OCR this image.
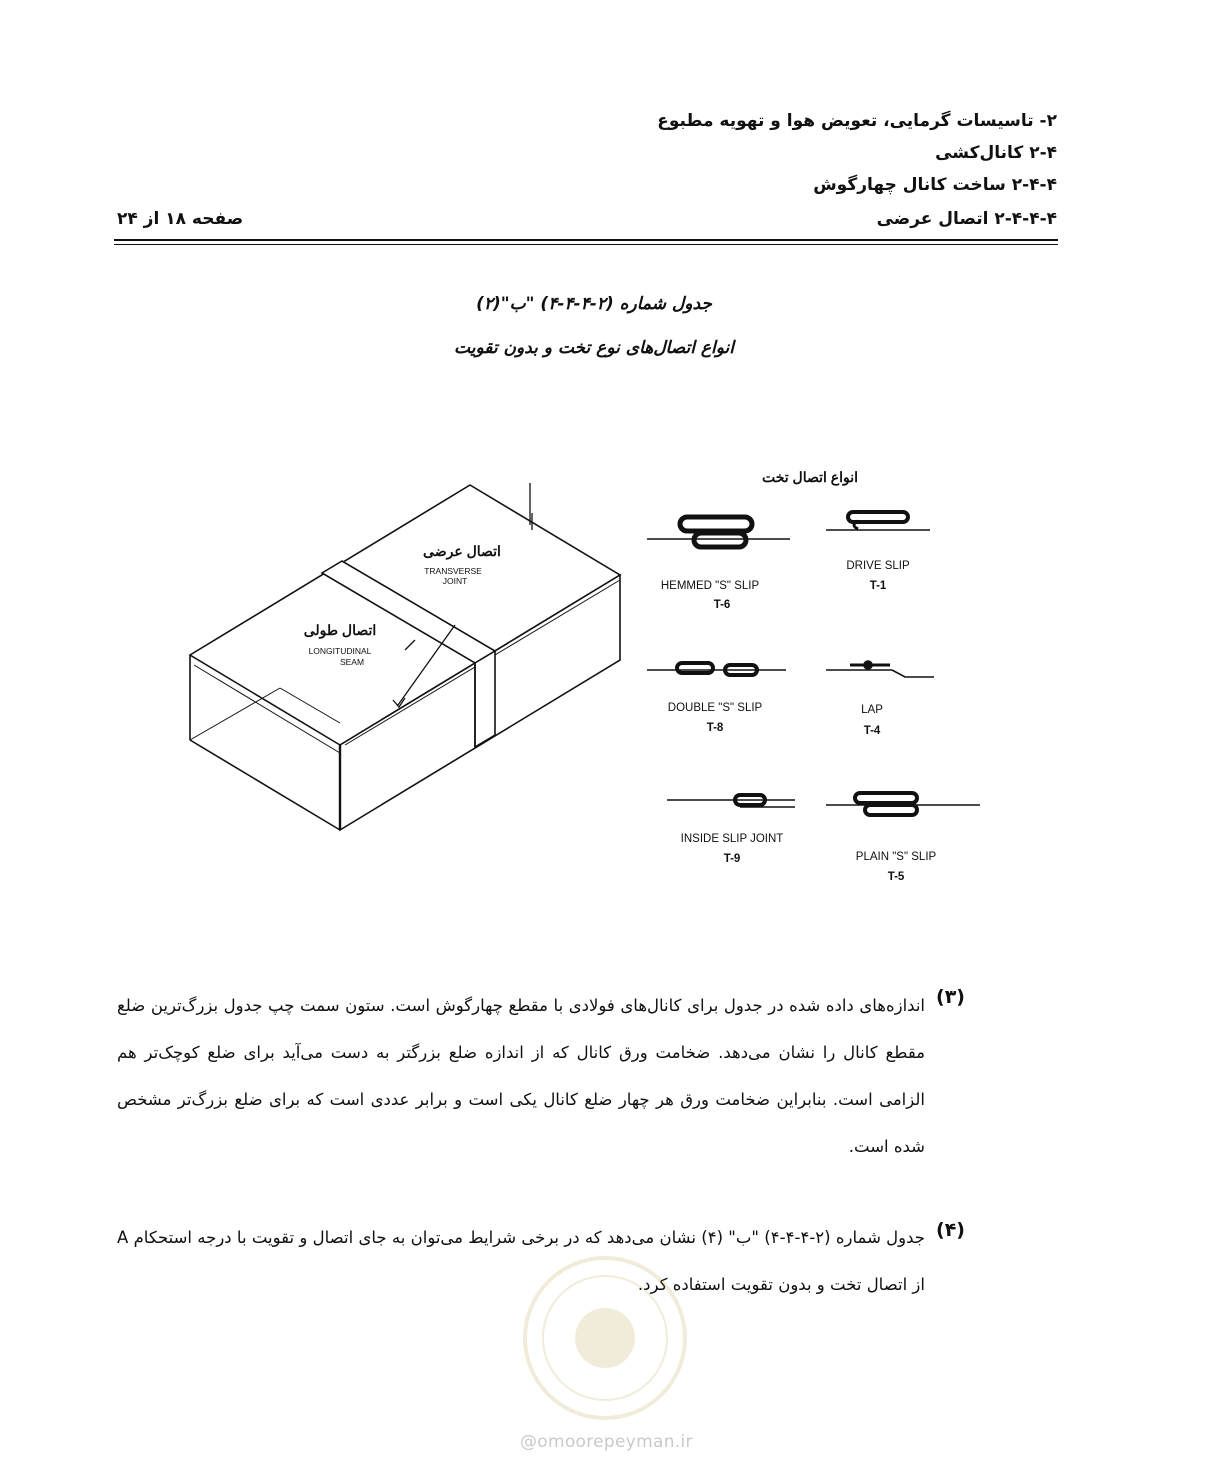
۲- تاسیسات گرمایی، تعویض هوا و تهویه مطبوع
۲-۴ کانال‌کشی
۲-۴-۴ ساخت کانال چهارگوش
۲-۴-۴-۴ اتصال عرضی
صفحه ۱۸ از ۲۴
جدول شماره (۲-۴-۴-۴) "ب"(۲)
انواع اتصال‌های نوع تخت و بدون تقویت
اتصال عرضی
TRANSVERSE
JOINT
اتصال طولی
LONGITUDINAL
SEAM
انواع اتصال تخت
HEMMED "S" SLIP
T-6
DRIVE SLIP
T-1
DOUBLE "S" SLIP
T-8
LAP
T-4
INSIDE SLIP JOINT
T-9	PLAIN "S" SLIP
T-5
(۳)
اندازه‌های داده شده در جدول برای کانال‌های فولادی با مقطع چهارگوش است. ستون سمت چپ جدول بزرگ‌ترین ضلع مقطع کانال را نشان می‌دهد. ضخامت ورق کانال که از اندازه ضلع بزرگتر به دست می‌آید برای ضلع کوچک‌تر هم الزامی است. بنابراین ضخامت ورق هر چهار ضلع کانال یکی است و برابر عددی است که برای ضلع بزرگ‌تر مشخص شده است.
(۴)
جدول شماره (۲-۴-۴-۴) "ب" (۴) نشان می‌دهد که در برخی شرایط می‌توان به جای اتصال و تقویت با درجه استحکام A از اتصال تخت و بدون تقویت استفاده کرد.
@omoorepeyman.ir
